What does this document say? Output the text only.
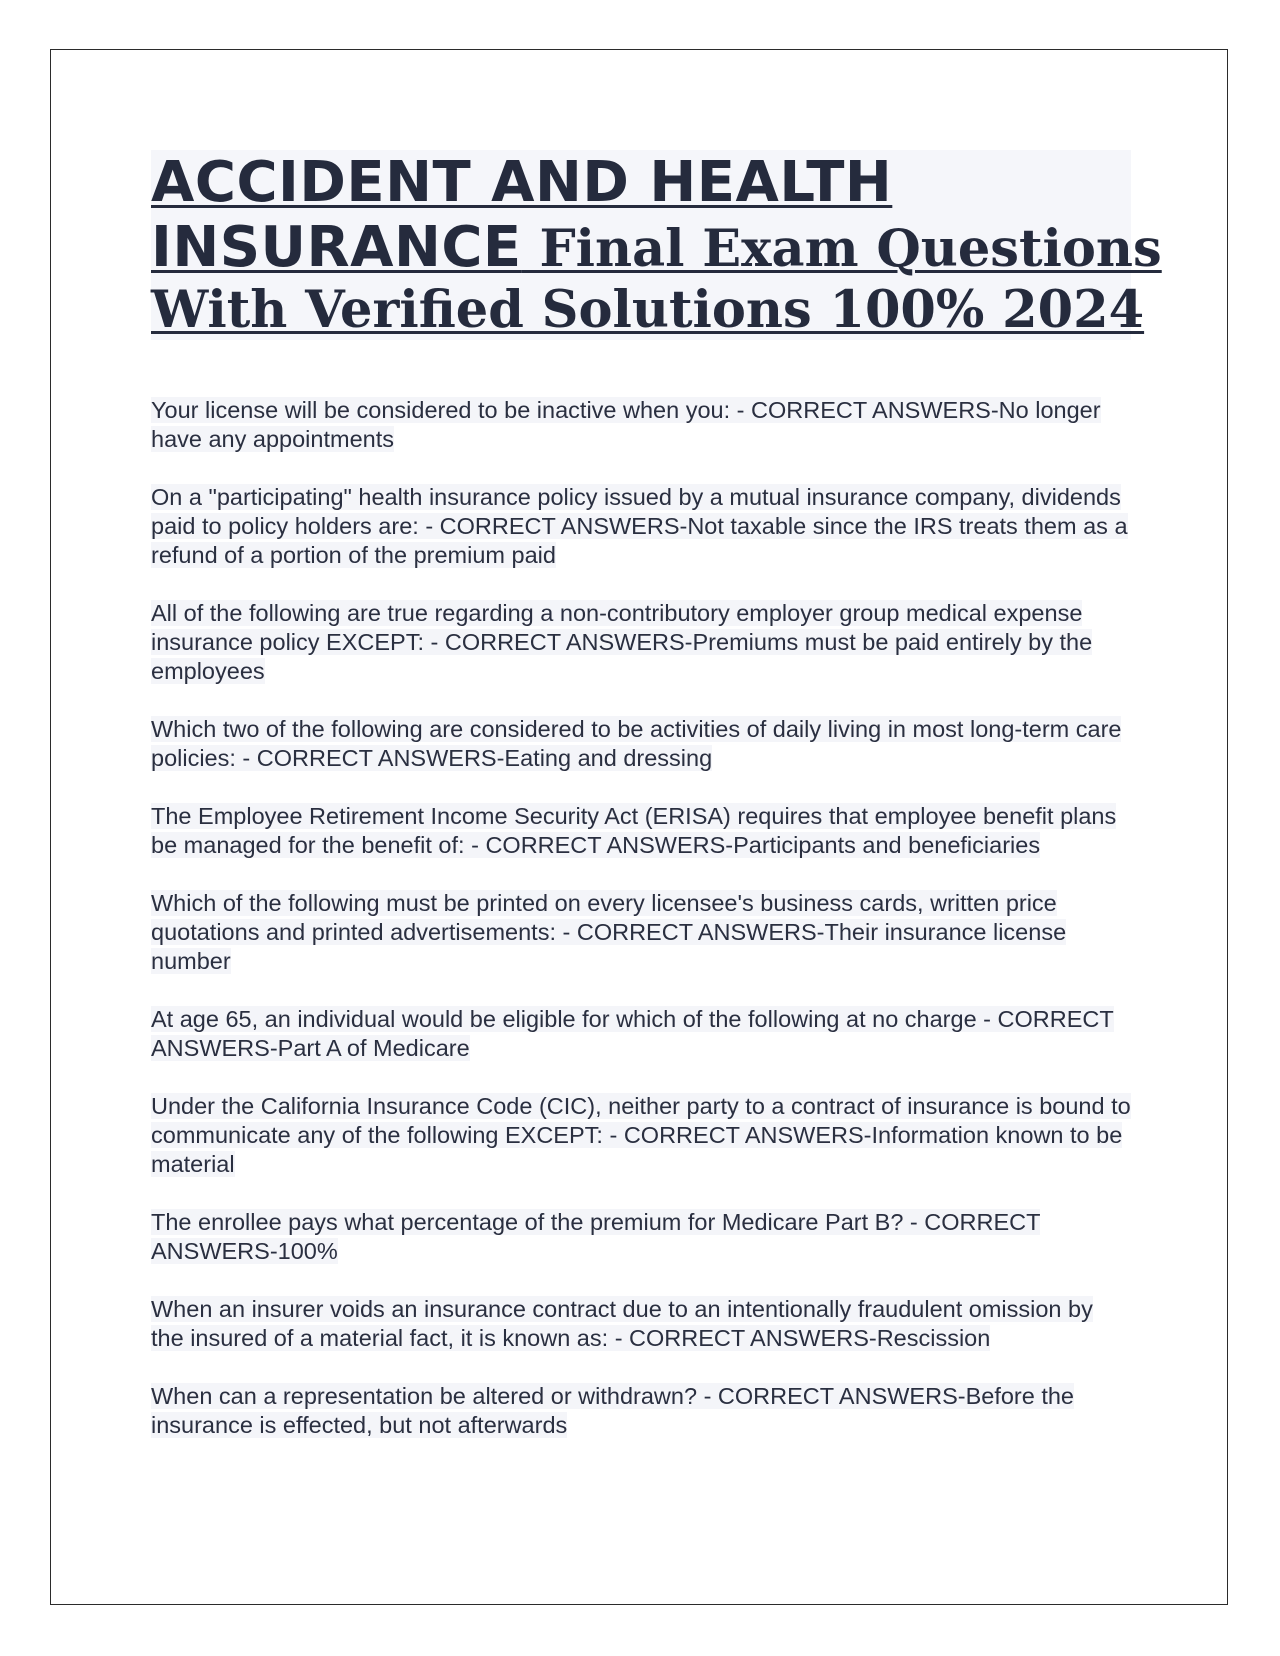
ACCIDENT AND HEALTH
INSURANCE Final Exam Questions
With Verified Solutions 100% 2024

Your license will be considered to be inactive when you: - CORRECT ANSWERS-No longer have any appointments

On a "participating" health insurance policy issued by a mutual insurance company, dividends paid to policy holders are: - CORRECT ANSWERS-Not taxable since the IRS treats them as a refund of a portion of the premium paid

All of the following are true regarding a non-contributory employer group medical expense insurance policy EXCEPT: - CORRECT ANSWERS-Premiums must be paid entirely by the employees

Which two of the following are considered to be activities of daily living in most long-term care policies: - CORRECT ANSWERS-Eating and dressing

The Employee Retirement Income Security Act (ERISA) requires that employee benefit plans be managed for the benefit of: - CORRECT ANSWERS-Participants and beneficiaries

Which of the following must be printed on every licensee's business cards, written price quotations and printed advertisements: - CORRECT ANSWERS-Their insurance license number

At age 65, an individual would be eligible for which of the following at no charge - CORRECT ANSWERS-Part A of Medicare

Under the California Insurance Code (CIC), neither party to a contract of insurance is bound to communicate any of the following EXCEPT: - CORRECT ANSWERS-Information known to be material

The enrollee pays what percentage of the premium for Medicare Part B? - CORRECT ANSWERS-100%

When an insurer voids an insurance contract due to an intentionally fraudulent omission by the insured of a material fact, it is known as: - CORRECT ANSWERS-Rescission

When can a representation be altered or withdrawn? - CORRECT ANSWERS-Before the insurance is effected, but not afterwards
